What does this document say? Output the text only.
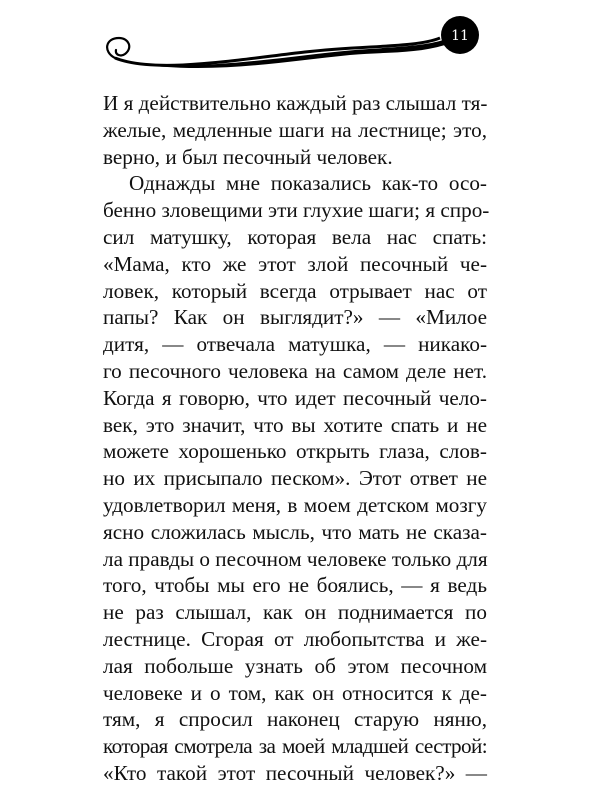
11
И я действительно каждый раз слышал тя-
желые, медленные шаги на лестнице; это,
верно, и был песочный человек.
Однажды мне показались как-то осо-
бенно зловещими эти глухие шаги; я спро-
сил матушку, которая вела нас спать:
«Мама, кто же этот злой песочный че-
ловек, который всегда отрывает нас от
папы? Как он выглядит?» — «Милое
дитя, — отвечала матушка, — никако-
го песочного человека на самом деле нет.
Когда я говорю, что идет песочный чело-
век, это значит, что вы хотите спать и не
можете хорошенько открыть глаза, слов-
но их присыпало песком». Этот ответ не
удовлетворил меня, в моем детском мозгу
ясно сложилась мысль, что мать не сказа-
ла правды о песочном человеке только для
того, чтобы мы его не боялись, — я ведь
не раз слышал, как он поднимается по
лестнице. Сгорая от любопытства и же-
лая побольше узнать об этом песочном
человеке и о том, как он относится к де-
тям, я спросил наконец старую няню,
которая смотрела за моей младшей сестрой:
«Кто такой этот песочный человек?» —
